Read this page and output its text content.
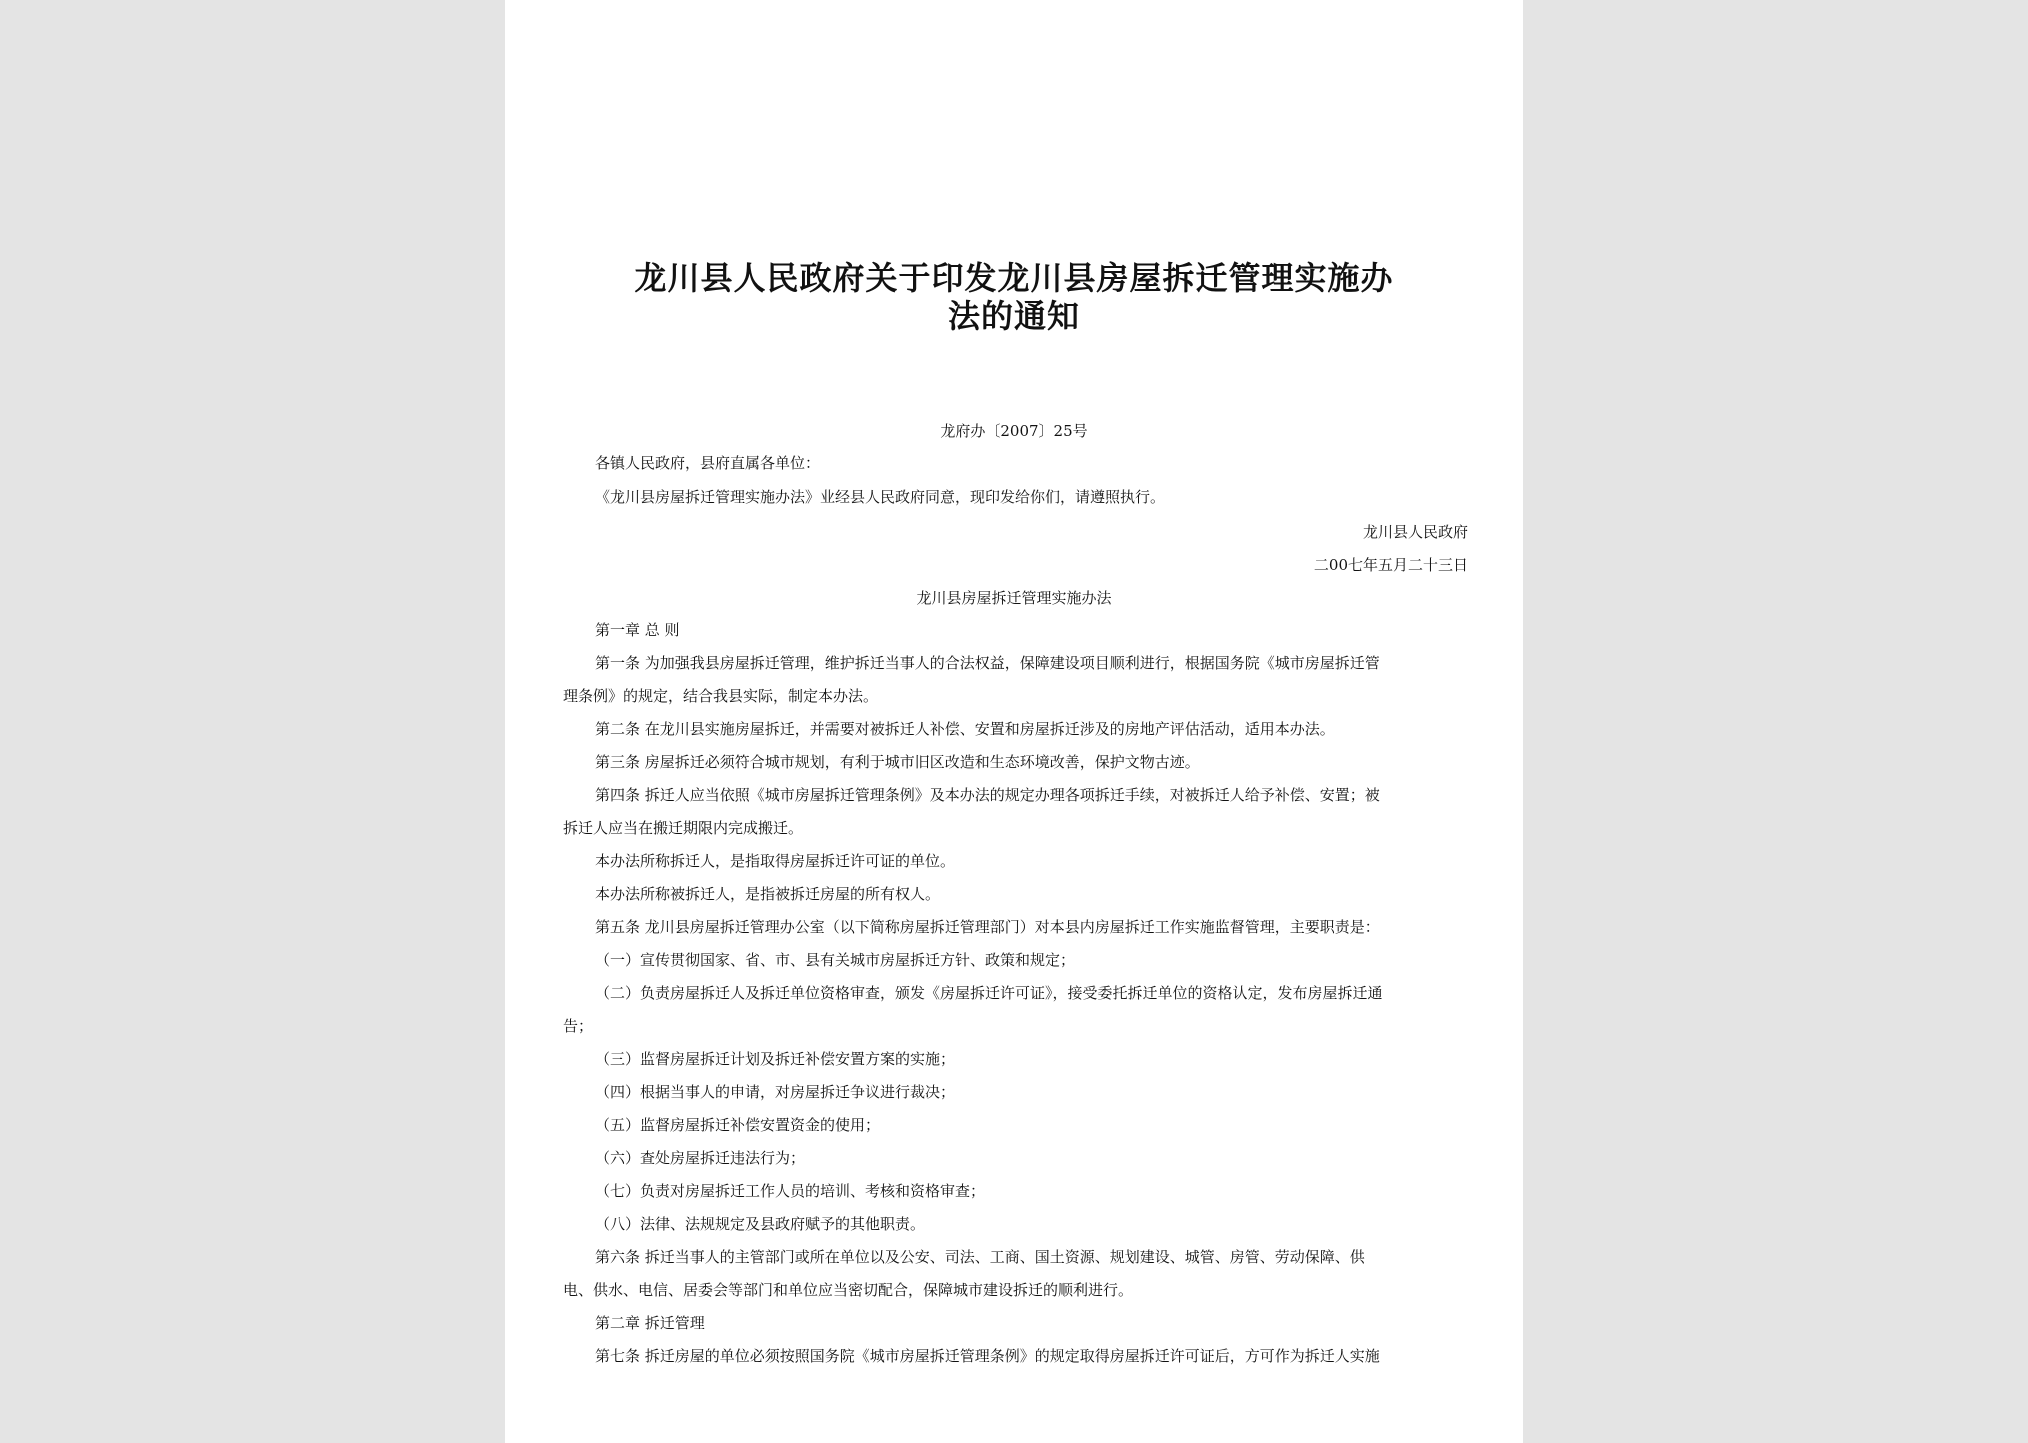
龙川县人民政府关于印发龙川县房屋拆迁管理实施办
法的通知
龙府办〔2007〕25号
各镇人民政府，县府直属各单位：
《龙川县房屋拆迁管理实施办法》业经县人民政府同意，现印发给你们，请遵照执行。
龙川县人民政府
二00七年五月二十三日
龙川县房屋拆迁管理实施办法
第一章 总 则
第一条 为加强我县房屋拆迁管理，维护拆迁当事人的合法权益，保障建设项目顺利进行，根据国务院《城市房屋拆迁管
理条例》的规定，结合我县实际，制定本办法。
第二条 在龙川县实施房屋拆迁，并需要对被拆迁人补偿、安置和房屋拆迁涉及的房地产评估活动，适用本办法。
第三条 房屋拆迁必须符合城市规划，有利于城市旧区改造和生态环境改善，保护文物古迹。
第四条 拆迁人应当依照《城市房屋拆迁管理条例》及本办法的规定办理各项拆迁手续，对被拆迁人给予补偿、安置；被
拆迁人应当在搬迁期限内完成搬迁。
本办法所称拆迁人，是指取得房屋拆迁许可证的单位。
本办法所称被拆迁人，是指被拆迁房屋的所有权人。
第五条 龙川县房屋拆迁管理办公室（以下简称房屋拆迁管理部门）对本县内房屋拆迁工作实施监督管理，主要职责是：
（一）宣传贯彻国家、省、市、县有关城市房屋拆迁方针、政策和规定；
（二）负责房屋拆迁人及拆迁单位资格审查，颁发《房屋拆迁许可证》，接受委托拆迁单位的资格认定，发布房屋拆迁通
告；
（三）监督房屋拆迁计划及拆迁补偿安置方案的实施；
（四）根据当事人的申请，对房屋拆迁争议进行裁决；
（五）监督房屋拆迁补偿安置资金的使用；
（六）查处房屋拆迁违法行为；
（七）负责对房屋拆迁工作人员的培训、考核和资格审查；
（八）法律、法规规定及县政府赋予的其他职责。
第六条 拆迁当事人的主管部门或所在单位以及公安、司法、工商、国土资源、规划建设、城管、房管、劳动保障、供
电、供水、电信、居委会等部门和单位应当密切配合，保障城市建设拆迁的顺利进行。
第二章 拆迁管理
第七条 拆迁房屋的单位必须按照国务院《城市房屋拆迁管理条例》的规定取得房屋拆迁许可证后，方可作为拆迁人实施
